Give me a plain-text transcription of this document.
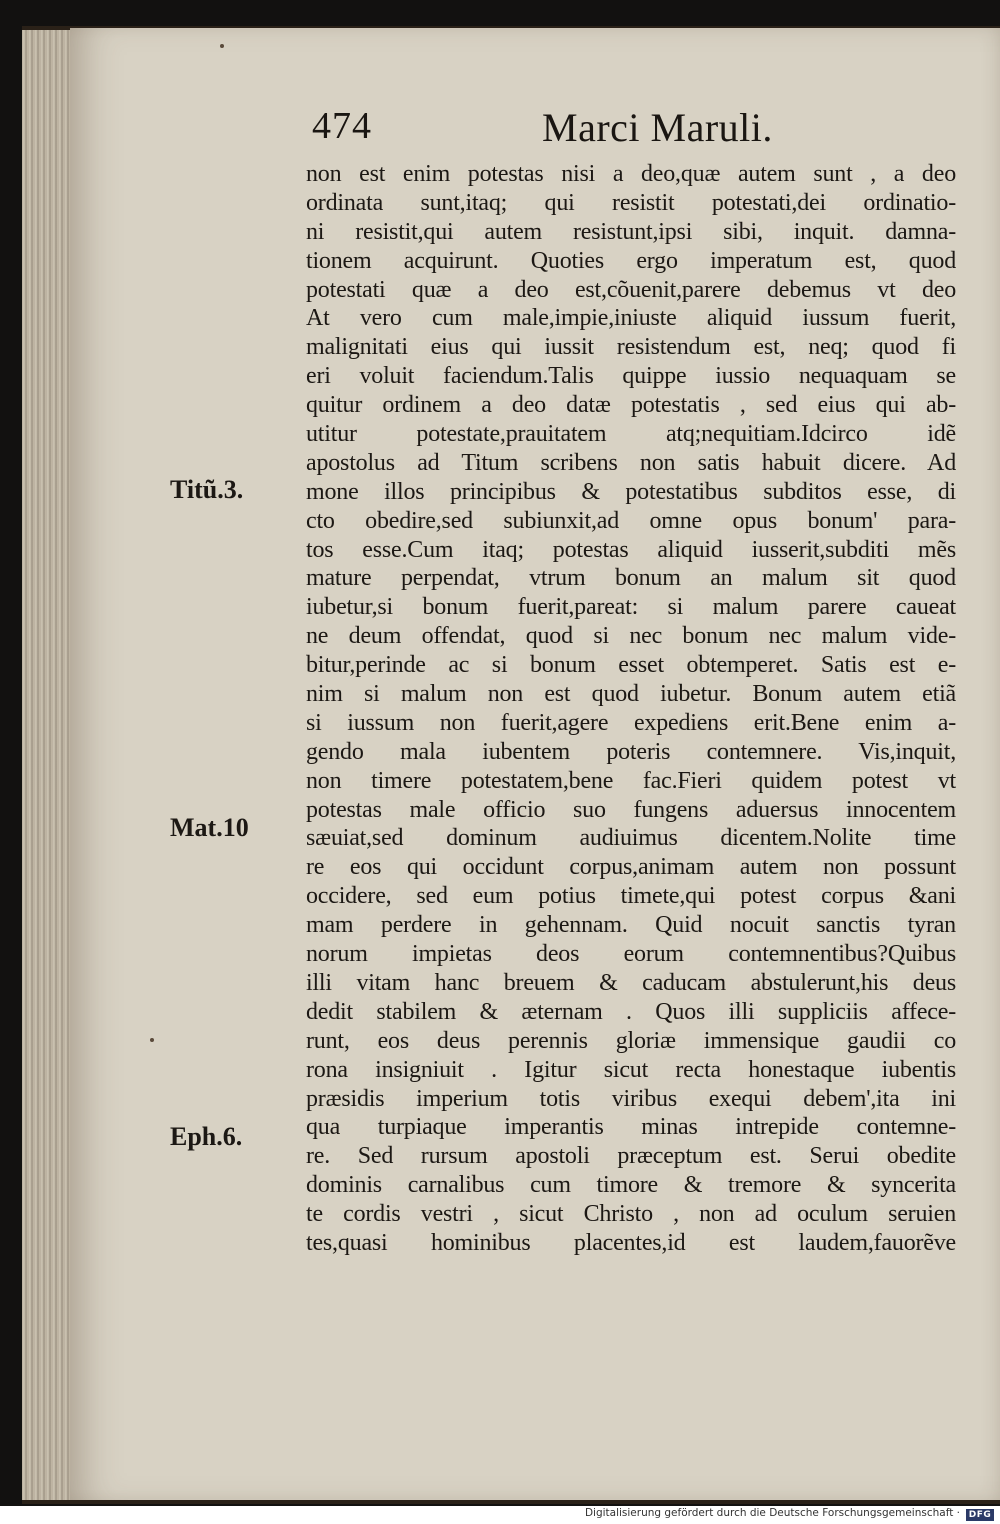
474	Marci Maruli.
non est enim potestas nisi a deo,quæ autem sunt , a deo
ordinata sunt,itaq; qui resistit potestati,dei ordinatio-
ni resistit,qui autem resistunt,ipsi sibi, inquit. damna-
tionem acquirunt. Quoties ergo imperatum est, quod
potestati quæ a deo est,cõuenit,parere debemus vt deo
At vero cum male,impie,iniuste aliquid iussum fuerit,
malignitati eius qui iussit resistendum est, neq; quod fi
eri voluit faciendum.Talis quippe iussio nequaquam se
quitur ordinem a deo datæ potestatis , sed eius qui ab-
utitur potestate,prauitatem atq;nequitiam.Idcirco idẽ
apostolus ad Titum scribens non satis habuit dicere. Ad
mone illos principibus & potestatibus subditos esse, di
cto obedire,sed subiunxit,ad omne opus bonum' para-
tos esse.Cum itaq; potestas aliquid iusserit,subditi mẽs
mature perpendat, vtrum bonum an malum sit quod
iubetur,si bonum fuerit,pareat: si malum parere caueat
ne deum offendat, quod si nec bonum nec malum vide-
bitur,perinde ac si bonum esset obtemperet. Satis est e-
nim si malum non est quod iubetur. Bonum autem etiã
si iussum non fuerit,agere expediens erit.Bene enim a-
gendo mala iubentem poteris contemnere. Vis,inquit,
non timere potestatem,bene fac.Fieri quidem potest vt
potestas male officio suo fungens aduersus innocentem
sæuiat,sed dominum audiuimus dicentem.Nolite time
re eos qui occidunt corpus,animam autem non possunt
occidere, sed eum potius timete,qui potest corpus &ani
mam perdere in gehennam. Quid nocuit sanctis tyran
norum impietas deos eorum contemnentibus?Quibus
illi vitam hanc breuem & caducam abstulerunt,his deus
dedit stabilem & æternam . Quos illi suppliciis affece-
runt, eos deus perennis gloriæ immensique gaudii co
rona insigniuit . Igitur sicut recta honestaque iubentis
præsidis imperium totis viribus exequi debem',ita ini
qua turpiaque imperantis minas intrepide contemne-
re. Sed rursum apostoli præceptum est. Serui obedite
dominis carnalibus cum timore & tremore & syncerita
te cordis vestri , sicut Christo , non ad oculum seruien
tes,quasi hominibus placentes,id est laudem,fauorẽve
Titũ.3.
Mat.10
Eph.6.
Digitalisierung gefördert durch die Deutsche Forschungsgemeinschaft · DFG
